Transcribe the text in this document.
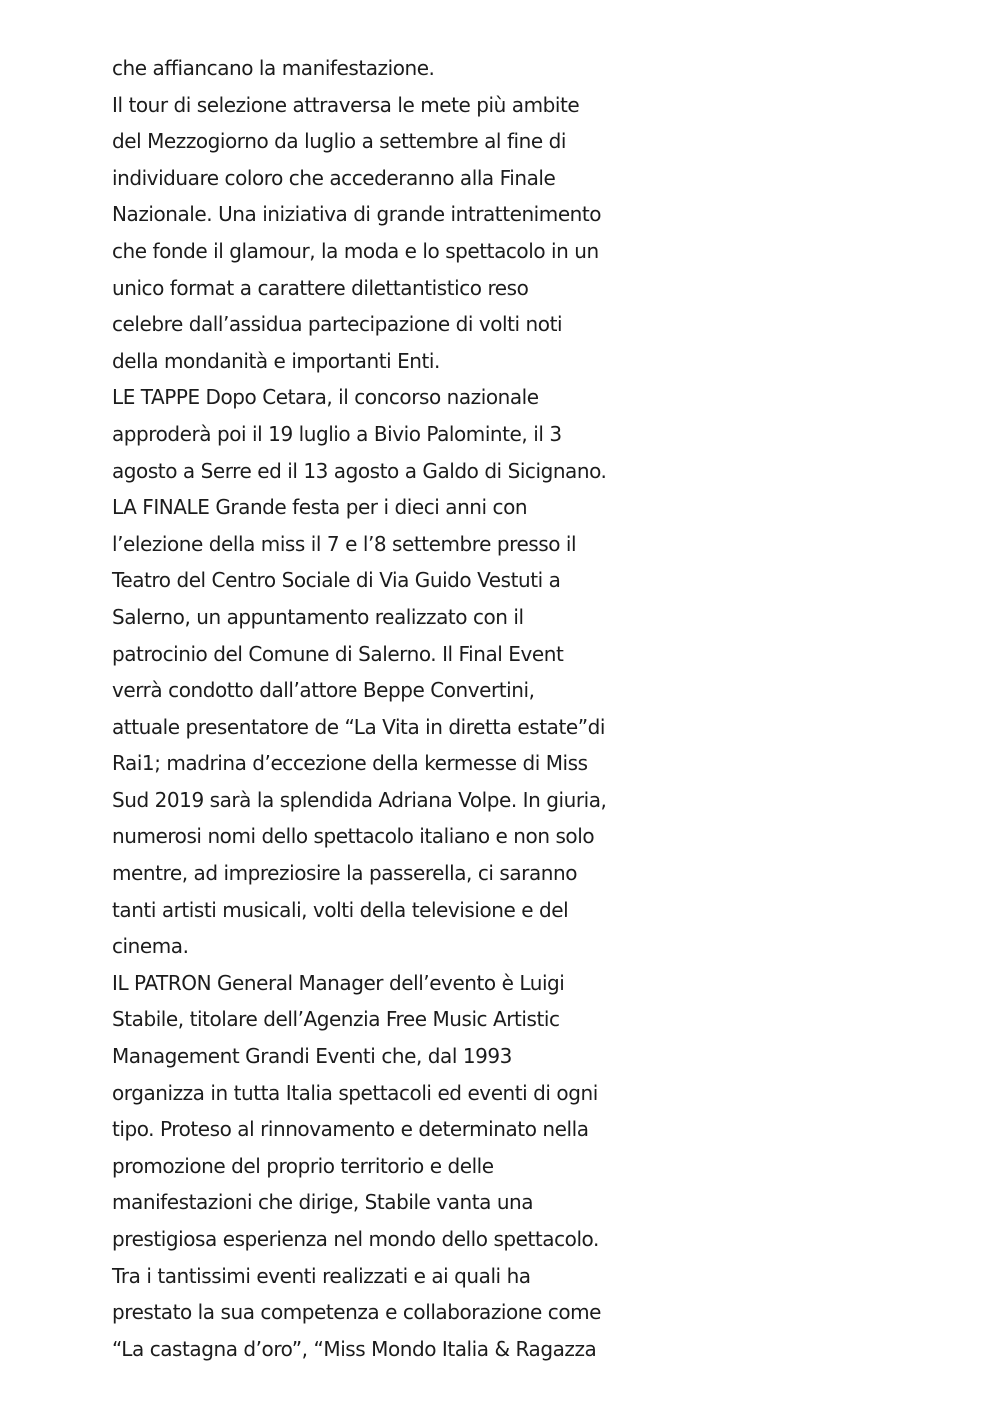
che affiancano la manifestazione.
Il tour di selezione attraversa le mete più ambite
del Mezzogiorno da luglio a settembre al fine di
individuare coloro che accederanno alla Finale
Nazionale. Una iniziativa di grande intrattenimento
che fonde il glamour, la moda e lo spettacolo in un
unico format a carattere dilettantistico reso
celebre dall’assidua partecipazione di volti noti
della mondanità e importanti Enti.
LE TAPPE Dopo Cetara, il concorso nazionale
approderà poi il 19 luglio a Bivio Palominte, il 3
agosto a Serre ed il 13 agosto a Galdo di Sicignano.
LA FINALE Grande festa per i dieci anni con
l’elezione della miss il 7 e l’8 settembre presso il
Teatro del Centro Sociale di Via Guido Vestuti a
Salerno, un appuntamento realizzato con il
patrocinio del Comune di Salerno. Il Final Event
verrà condotto dall’attore Beppe Convertini,
attuale presentatore de “La Vita in diretta estate”di
Rai1; madrina d’eccezione della kermesse di Miss
Sud 2019 sarà la splendida Adriana Volpe. In giuria,
numerosi nomi dello spettacolo italiano e non solo
mentre, ad impreziosire la passerella, ci saranno
tanti artisti musicali, volti della televisione e del
cinema.
IL PATRON General Manager dell’evento è Luigi
Stabile, titolare dell’Agenzia Free Music Artistic
Management Grandi Eventi che, dal 1993
organizza in tutta Italia spettacoli ed eventi di ogni
tipo. Proteso al rinnovamento e determinato nella
promozione del proprio territorio e delle
manifestazioni che dirige, Stabile vanta una
prestigiosa esperienza nel mondo dello spettacolo.
Tra i tantissimi eventi realizzati e ai quali ha
prestato la sua competenza e collaborazione come
“La castagna d’oro”, “Miss Mondo Italia & Ragazza
